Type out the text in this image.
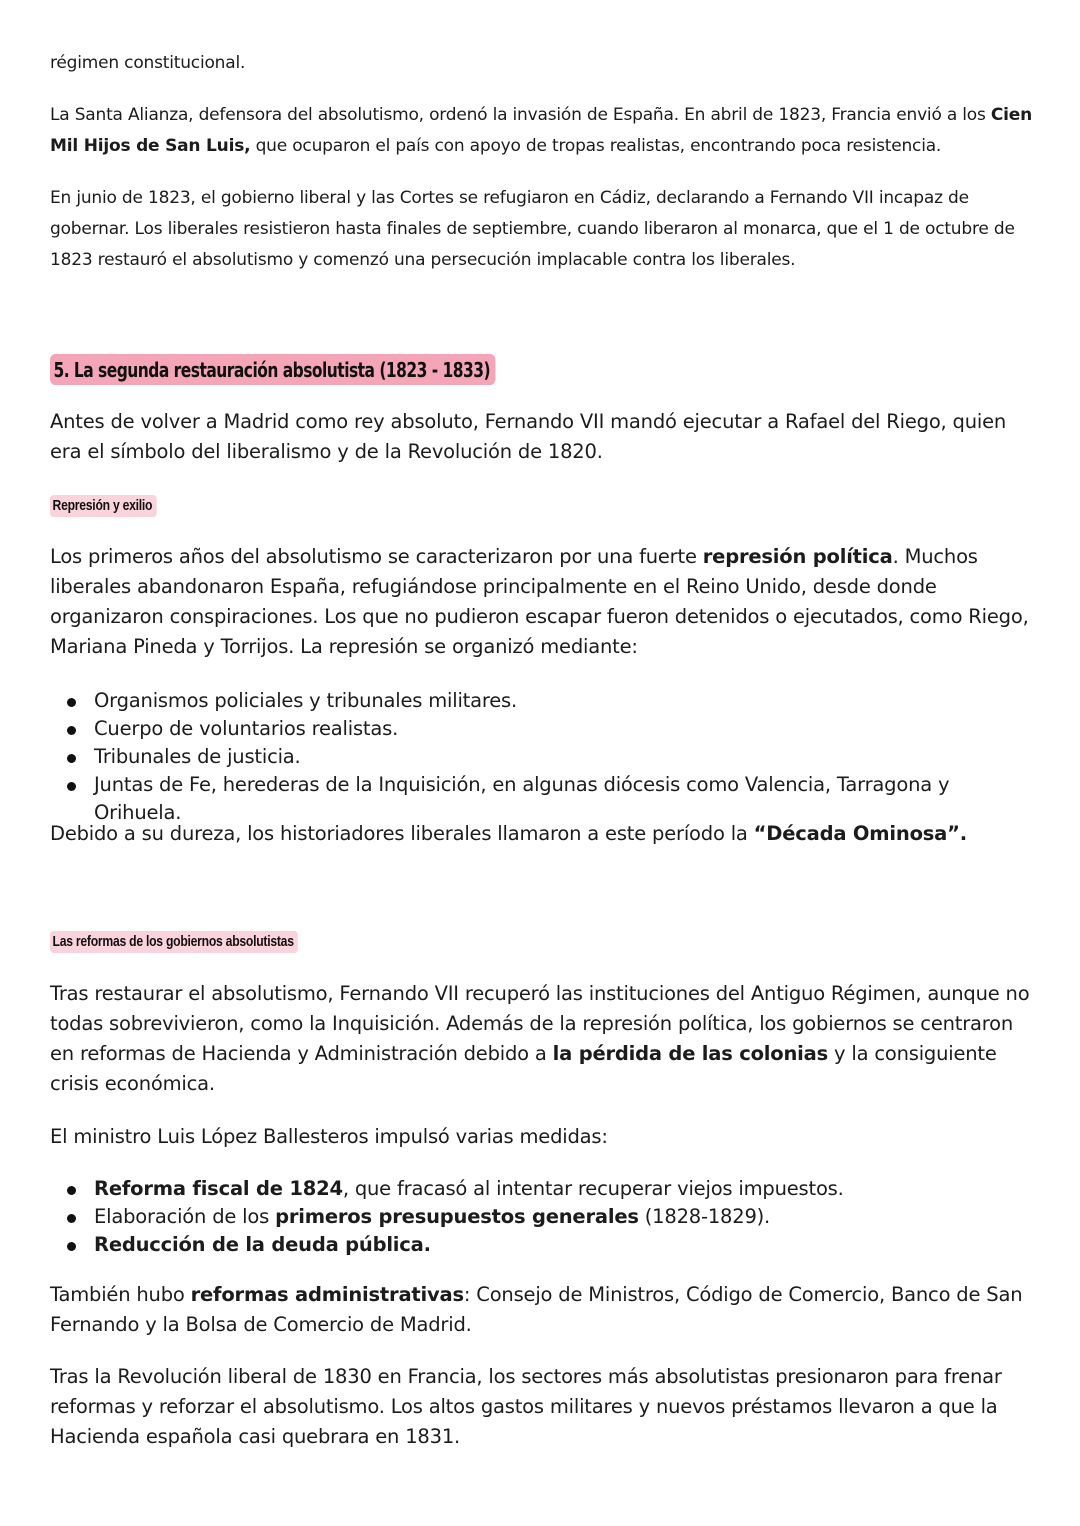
régimen constitucional.

La Santa Alianza, defensora del absolutismo, ordenó la invasión de España. En abril de 1823, Francia envió a los Cien Mil Hijos de San Luis, que ocuparon el país con apoyo de tropas realistas, encontrando poca resistencia.

En junio de 1823, el gobierno liberal y las Cortes se refugiaron en Cádiz, declarando a Fernando VII incapaz de gobernar. Los liberales resistieron hasta finales de septiembre, cuando liberaron al monarca, que el 1 de octubre de 1823 restauró el absolutismo y comenzó una persecución implacable contra los liberales.

5. La segunda restauración absolutista (1823 - 1833)

Antes de volver a Madrid como rey absoluto, Fernando VII mandó ejecutar a Rafael del Riego, quien era el símbolo del liberalismo y de la Revolución de 1820.

Represión y exilio

Los primeros años del absolutismo se caracterizaron por una fuerte represión política. Muchos liberales abandonaron España, refugiándose principalmente en el Reino Unido, desde donde organizaron conspiraciones. Los que no pudieron escapar fueron detenidos o ejecutados, como Riego, Mariana Pineda y Torrijos. La represión se organizó mediante:

Organismos policiales y tribunales militares.
Cuerpo de voluntarios realistas.
Tribunales de justicia.
Juntas de Fe, herederas de la Inquisición, en algunas diócesis como Valencia, Tarragona y Orihuela.

Debido a su dureza, los historiadores liberales llamaron a este período la “Década Ominosa”.

Las reformas de los gobiernos absolutistas

Tras restaurar el absolutismo, Fernando VII recuperó las instituciones del Antiguo Régimen, aunque no todas sobrevivieron, como la Inquisición. Además de la represión política, los gobiernos se centraron en reformas de Hacienda y Administración debido a la pérdida de las colonias y la consiguiente crisis económica.

El ministro Luis López Ballesteros impulsó varias medidas:

Reforma fiscal de 1824, que fracasó al intentar recuperar viejos impuestos.
Elaboración de los primeros presupuestos generales (1828-1829).
Reducción de la deuda pública.

También hubo reformas administrativas: Consejo de Ministros, Código de Comercio, Banco de San Fernando y la Bolsa de Comercio de Madrid.

Tras la Revolución liberal de 1830 en Francia, los sectores más absolutistas presionaron para frenar reformas y reforzar el absolutismo. Los altos gastos militares y nuevos préstamos llevaron a que la Hacienda española casi quebrara en 1831.
